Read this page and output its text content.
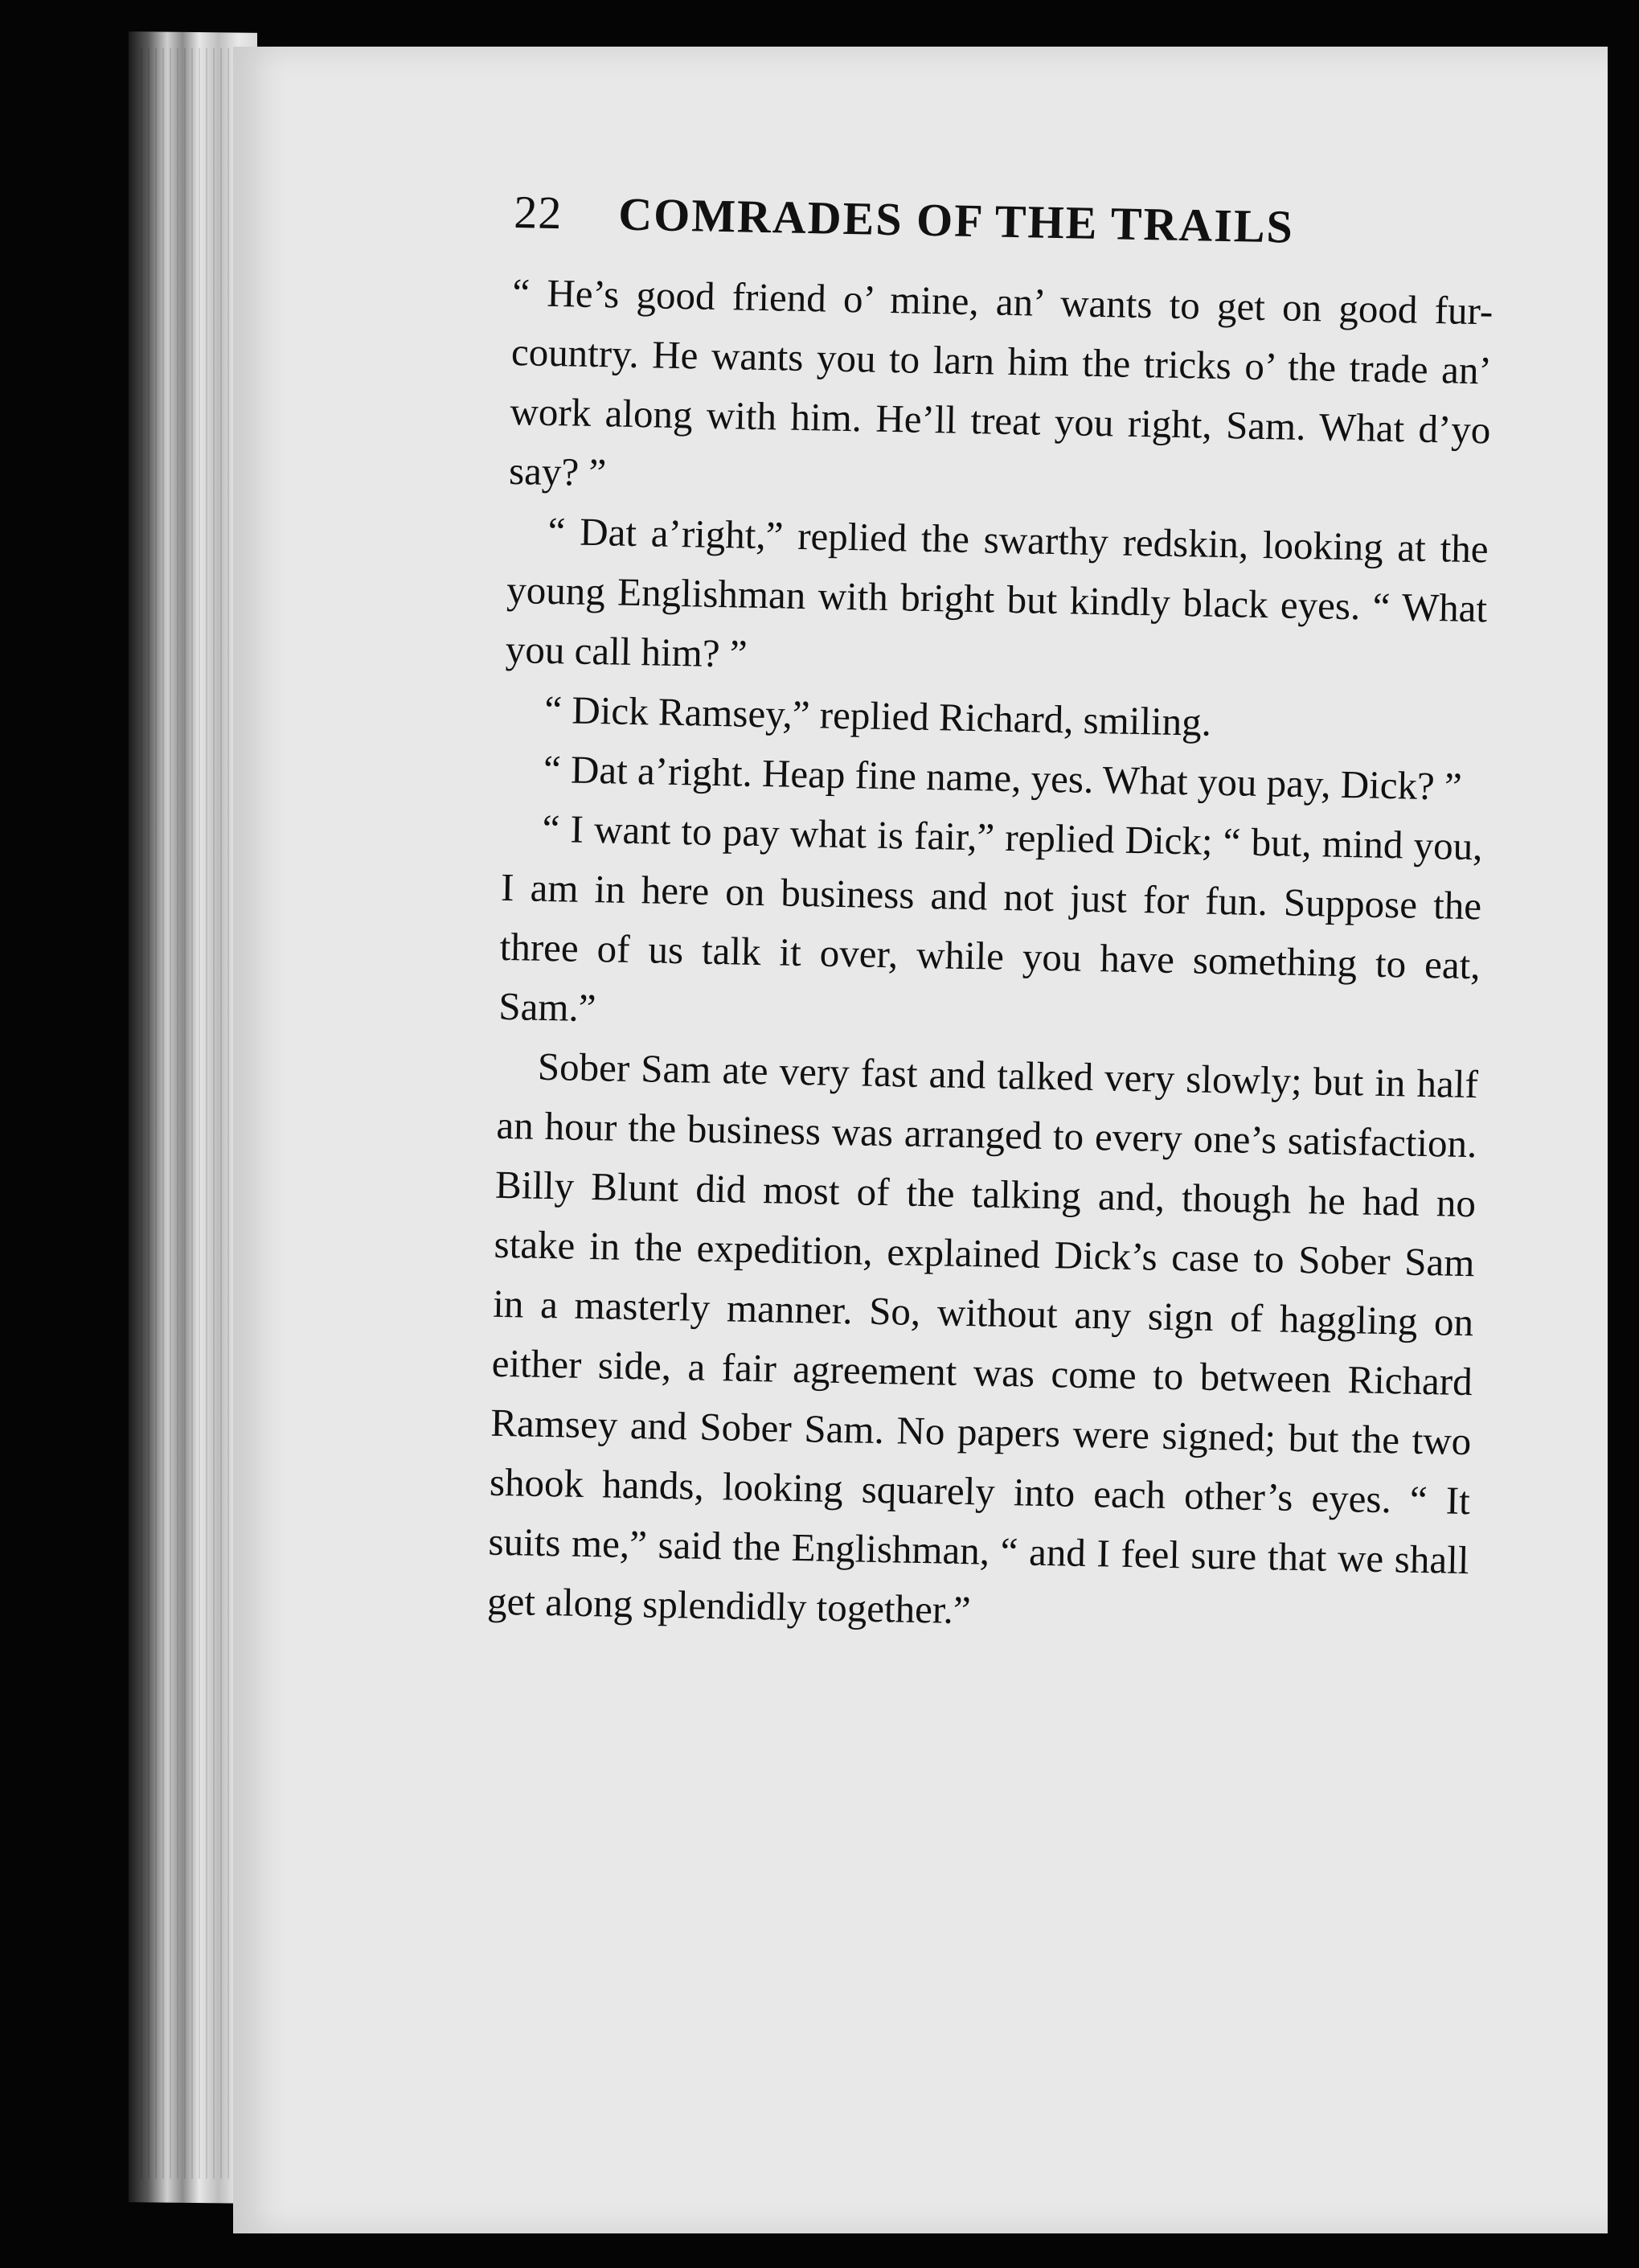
22 COMRADES OF THE TRAILS

“ He’s good friend o’ mine, an’ wants to get on good fur-country. He wants you to larn him the tricks o’ the trade an’ work along with him. He’ll treat you right, Sam. What d’yo say? ”

“ Dat a’right,” replied the swarthy redskin, looking at the young Englishman with bright but kindly black eyes. “ What you call him? ”

“ Dick Ramsey,” replied Richard, smiling.

“ Dat a’right. Heap fine name, yes. What you pay, Dick? ”

“ I want to pay what is fair,” replied Dick; “ but, mind you, I am in here on business and not just for fun. Suppose the three of us talk it over, while you have something to eat, Sam.”

Sober Sam ate very fast and talked very slowly; but in half an hour the business was arranged to every one’s satisfaction. Billy Blunt did most of the talking and, though he had no stake in the expedition, explained Dick’s case to Sober Sam in a masterly manner. So, without any sign of haggling on either side, a fair agreement was come to between Richard Ramsey and Sober Sam. No papers were signed; but the two shook hands, looking squarely into each other’s eyes. “ It suits me,” said the Englishman, “ and I feel sure that we shall get along splendidly together.”
